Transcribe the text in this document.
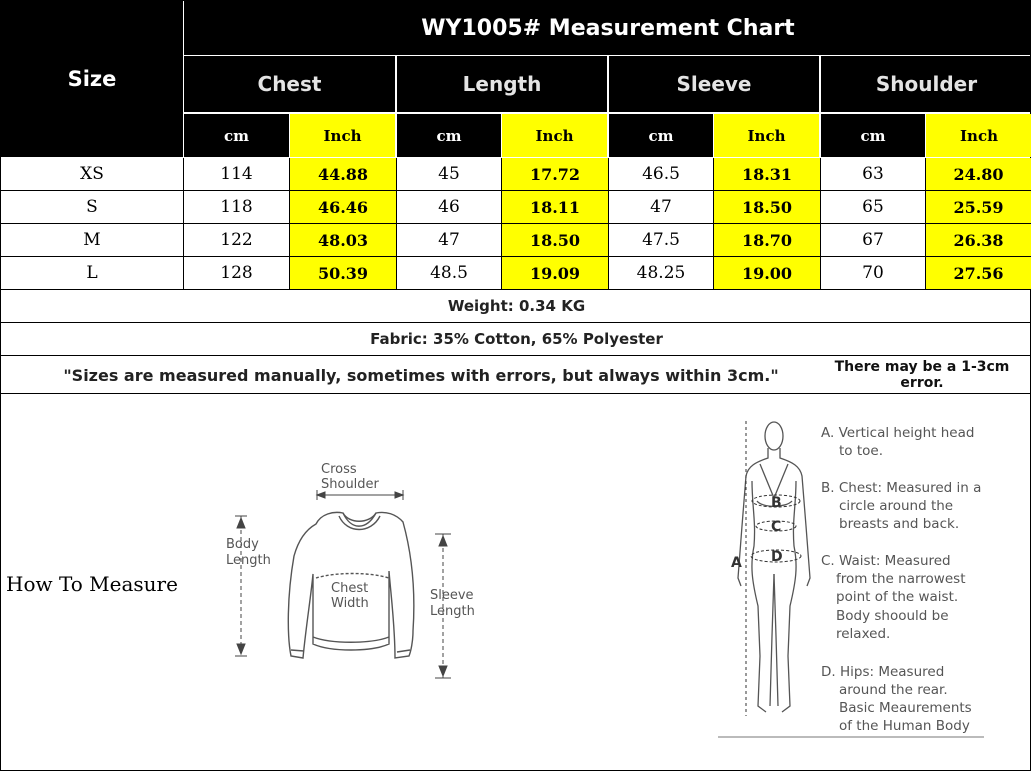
Size
WY1005# Measurement Chart
Chest	Length	Sleeve	Shoulder
cm	Inch	cm	Inch	cm	Inch	cm	Inch
XS	114	44.88	45	17.72	46.5	18.31	63	24.80
S	118	46.46	46	18.11	47	18.50	65	25.59
M	122	48.03	47	18.50	47.5	18.70	67	26.38
L	128	50.39	48.5	19.09	48.25	19.00	70	27.56
Weight: 0.34 KG
Fabric: 35% Cotton, 65% Polyester
"Sizes are measured manually, sometimes with errors, but always within 3cm."	There may be a 1-3cm error.
How To Measure
Cross
Shoulder
Body
Length
Chest
Width
Sleeve
Length
B
C
D
A
A. Vertical height head
to toe.
B. Chest: Measured in a
circle around the
breasts and back.
C. Waist: Measured
from the narrowest
point of the waist.
Body shoould be
relaxed.
D. Hips: Measured
around the rear.
Basic Meaurements
of the Human Body
